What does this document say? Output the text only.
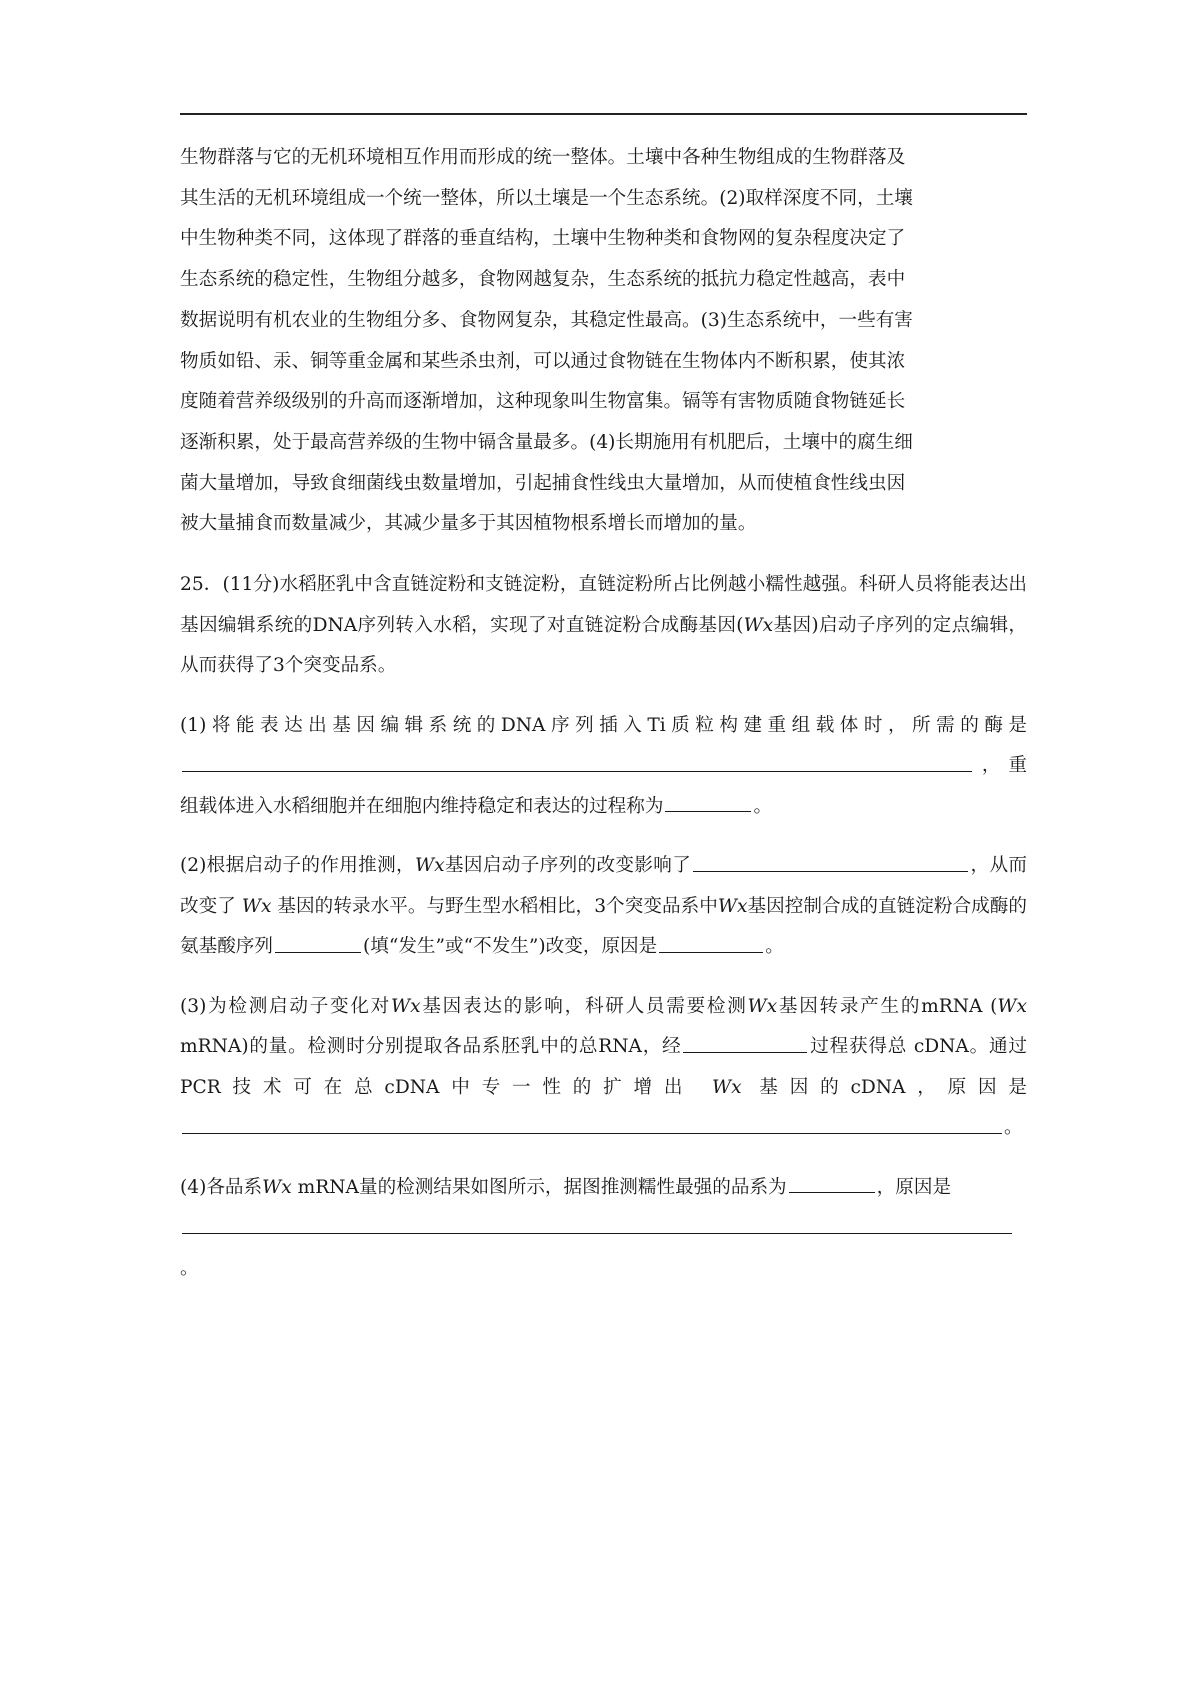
生物群落与它的无机环境相互作用而形成的统一整体。土壤中各种生物组成的生物群落及

其生活的无机环境组成一个统一整体，所以土壤是一个生态系统。(2)取样深度不同，土壤

中生物种类不同，这体现了群落的垂直结构，土壤中生物种类和食物网的复杂程度决定了

生态系统的稳定性，生物组分越多，食物网越复杂，生态系统的抵抗力稳定性越高，表中

数据说明有机农业的生物组分多、食物网复杂，其稳定性最高。(3)生态系统中，一些有害

物质如铅、汞、铜等重金属和某些杀虫剂，可以通过食物链在生物体内不断积累，使其浓

度随着营养级级别的升高而逐渐增加，这种现象叫生物富集。镉等有害物质随食物链延长

逐渐积累，处于最高营养级的生物中镉含量最多。(4)长期施用有机肥后，土壤中的腐生细

菌大量增加，导致食细菌线虫数量增加，引起捕食性线虫大量增加，从而使植食性线虫因

被大量捕食而数量减少，其减少量多于其因植物根系增长而增加的量。

25．(11分)水稻胚乳中含直链淀粉和支链淀粉，直链淀粉所占比例越小糯性越强。科研人员将能表达出基因编辑系统的DNA序列转入水稻，实现了对直链淀粉合成酶基因(Wx基因)启动子序列的定点编辑，从而获得了3个突变品系。

(1)将能表达出基因编辑系统的DNA序列插入Ti质粒构建重组载体时，所需的酶是，重组载体进入水稻细胞并在细胞内维持稳定和表达的过程称为	。

(2)根据启动子的作用推测，Wx基因启动子序列的改变影响了	，从而改变了 Wx 基因的转录水平。与野生型水稻相比，3个突变品系中Wx基因控制合成的直链淀粉合成酶的氨基酸序列	(填“发生”或“不发生”)改变，原因是	。

(3)为检测启动子变化对Wx基因表达的影响，科研人员需要检测Wx基因转录产生的mRNA (Wx mRNA)的量。检测时分别提取各品系胚乳中的总RNA，经	过程获得总 cDNA。通过PCR技术可在总cDNA中专一性的扩增出 Wx 基因的cDNA，原因是。

(4)各品系Wx mRNA量的检测结果如图所示，据图推测糯性最强的品系为	，原因是
。
